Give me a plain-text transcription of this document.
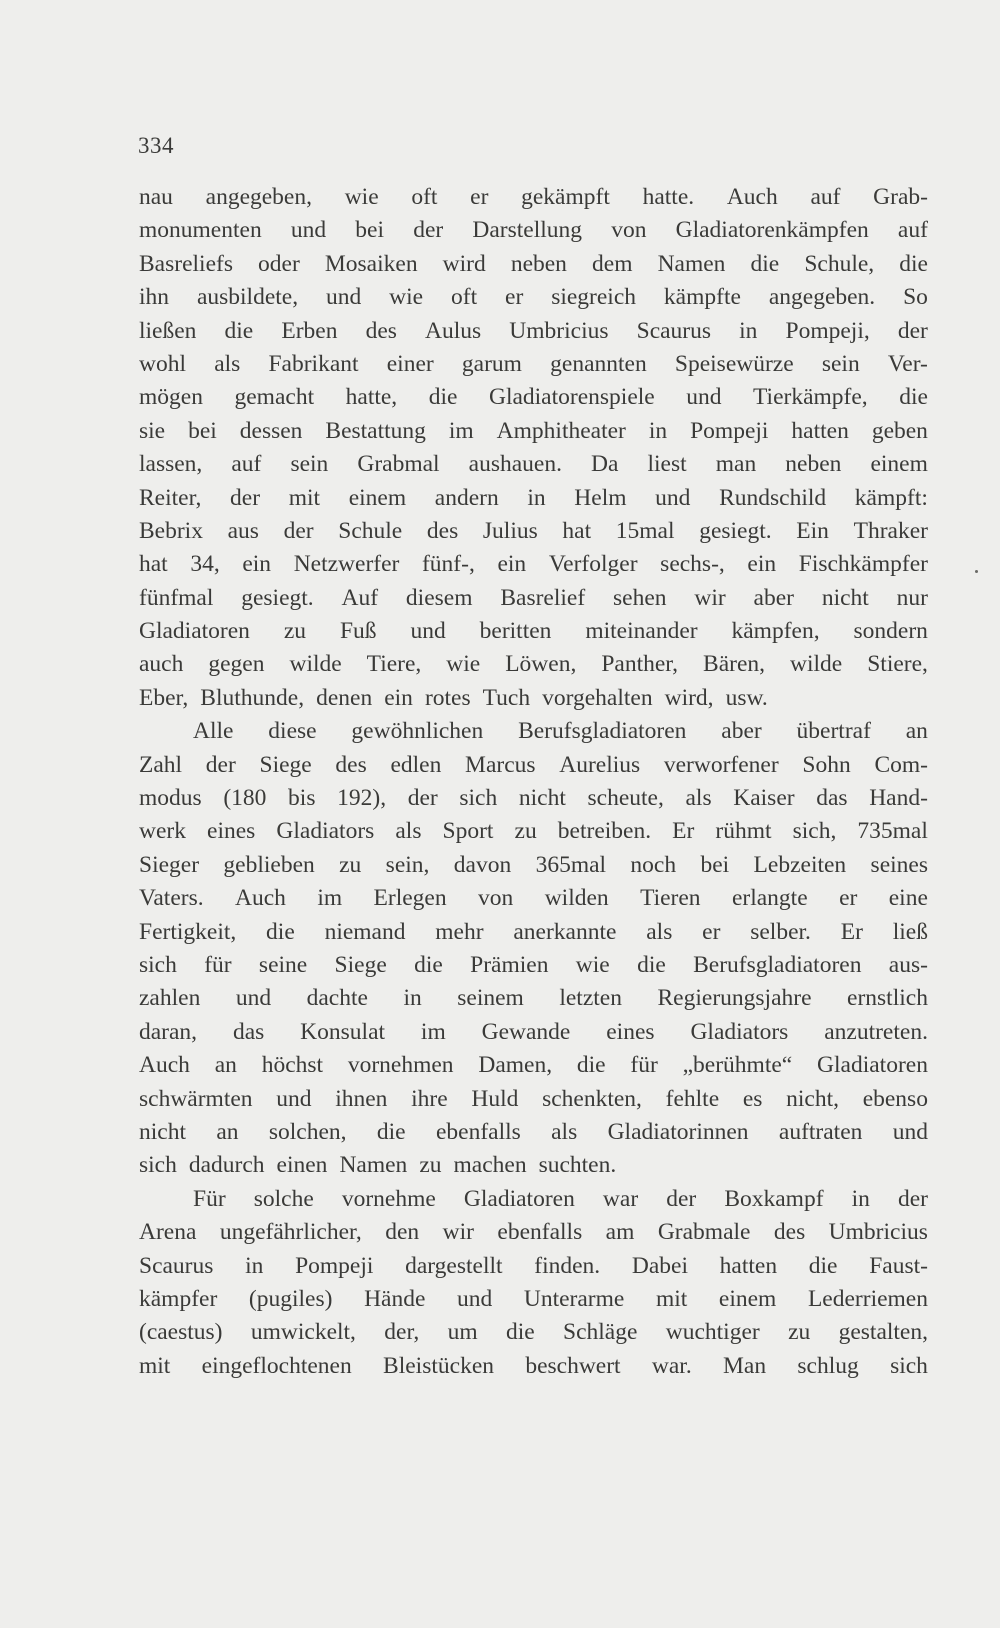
334
nau angegeben, wie oft er gekämpft hatte. Auch auf Grab-
monumenten und bei der Darstellung von Gladiatorenkämpfen auf
Basreliefs oder Mosaiken wird neben dem Namen die Schule, die
ihn ausbildete, und wie oft er siegreich kämpfte angegeben. So
ließen die Erben des Aulus Umbricius Scaurus in Pompeji, der
wohl als Fabrikant einer garum genannten Speisewürze sein Ver-
mögen gemacht hatte, die Gladiatorenspiele und Tierkämpfe, die
sie bei dessen Bestattung im Amphitheater in Pompeji hatten geben
lassen, auf sein Grabmal aushauen. Da liest man neben einem
Reiter, der mit einem andern in Helm und Rundschild kämpft:
Bebrix aus der Schule des Julius hat 15mal gesiegt. Ein Thraker
hat 34, ein Netzwerfer fünf-, ein Verfolger sechs-, ein Fischkämpfer
fünfmal gesiegt. Auf diesem Basrelief sehen wir aber nicht nur
Gladiatoren zu Fuß und beritten miteinander kämpfen, sondern
auch gegen wilde Tiere, wie Löwen, Panther, Bären, wilde Stiere,
Eber, Bluthunde, denen ein rotes Tuch vorgehalten wird, usw.
Alle diese gewöhnlichen Berufsgladiatoren aber übertraf an
Zahl der Siege des edlen Marcus Aurelius verworfener Sohn Com-
modus (180 bis 192), der sich nicht scheute, als Kaiser das Hand-
werk eines Gladiators als Sport zu betreiben. Er rühmt sich, 735mal
Sieger geblieben zu sein, davon 365mal noch bei Lebzeiten seines
Vaters. Auch im Erlegen von wilden Tieren erlangte er eine
Fertigkeit, die niemand mehr anerkannte als er selber. Er ließ
sich für seine Siege die Prämien wie die Berufsgladiatoren aus-
zahlen und dachte in seinem letzten Regierungsjahre ernstlich
daran, das Konsulat im Gewande eines Gladiators anzutreten.
Auch an höchst vornehmen Damen, die für „berühmte“ Gladiatoren
schwärmten und ihnen ihre Huld schenkten, fehlte es nicht, ebenso
nicht an solchen, die ebenfalls als Gladiatorinnen auftraten und
sich dadurch einen Namen zu machen suchten.
Für solche vornehme Gladiatoren war der Boxkampf in der
Arena ungefährlicher, den wir ebenfalls am Grabmale des Umbricius
Scaurus in Pompeji dargestellt finden. Dabei hatten die Faust-
kämpfer (pugiles) Hände und Unterarme mit einem Lederriemen
(caestus) umwickelt, der, um die Schläge wuchtiger zu gestalten,
mit eingeflochtenen Bleistücken beschwert war. Man schlug sich
